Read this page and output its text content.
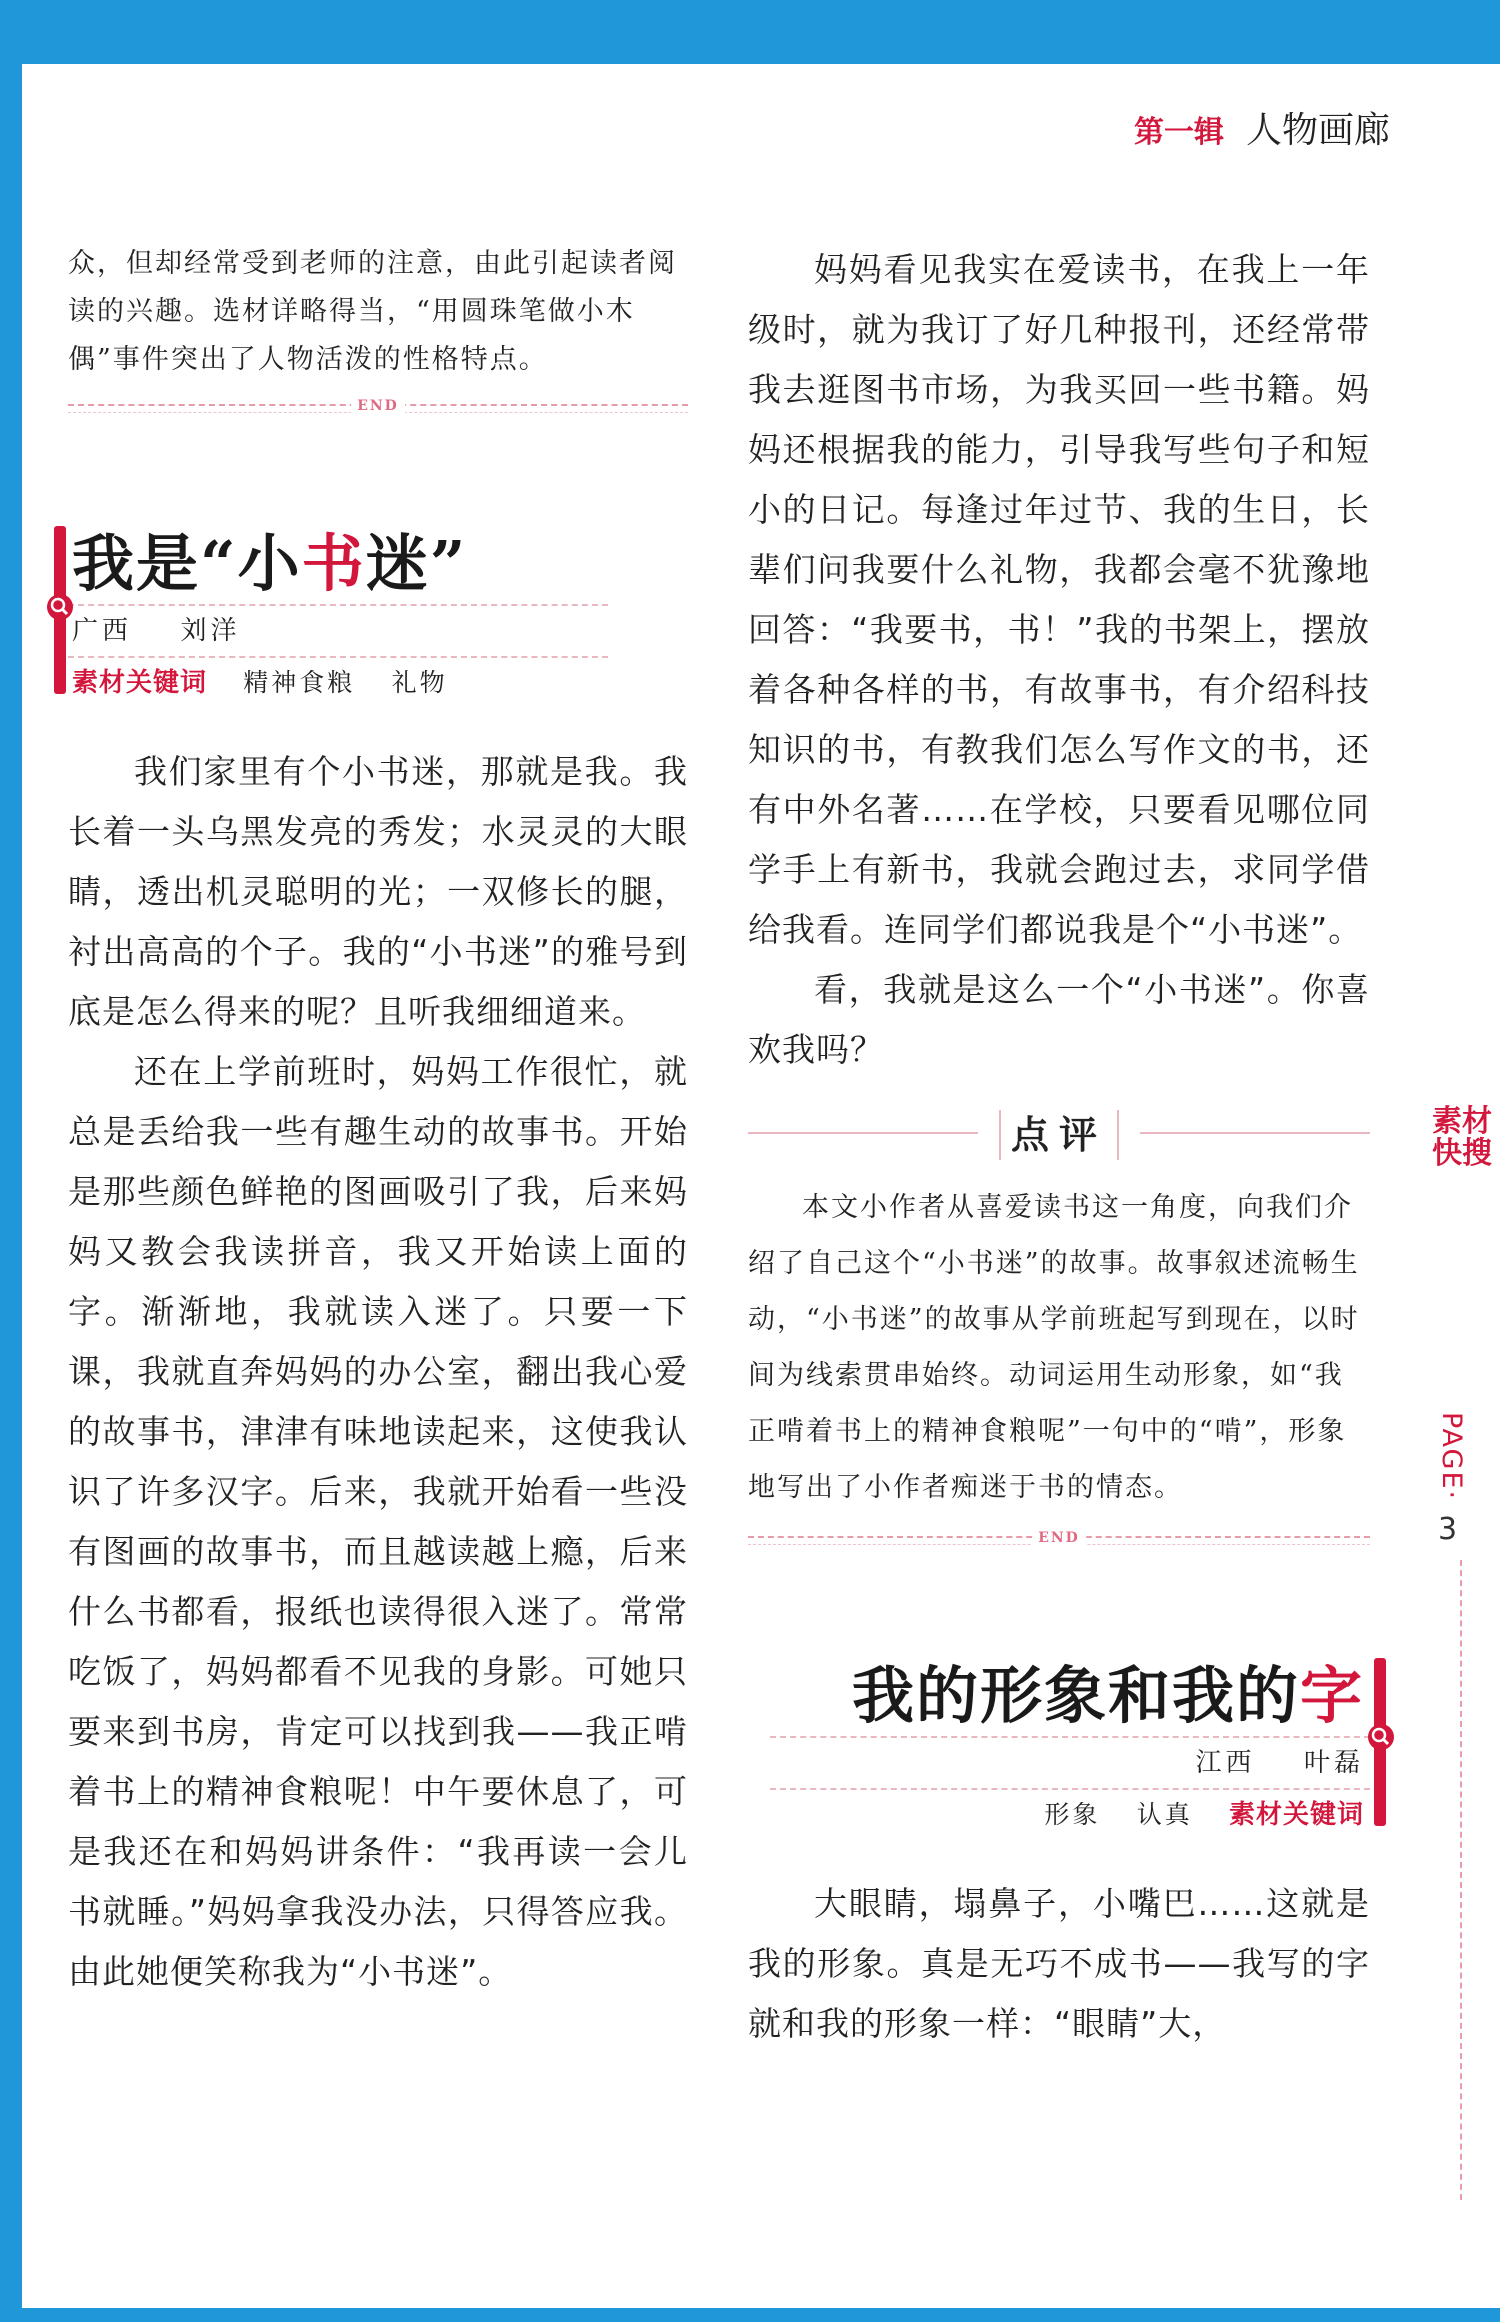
第一辑 人物画廊
众，但却经常受到老师的注意，由此引起读者阅读的兴趣。选材详略得当，“用圆珠笔做小木偶”事件突出了人物活泼的性格特点。
END
我是“小书迷”
广西 刘洋
素材关键词 精神食粮 礼物

我们家里有个小书迷，那就是我。我长着一头乌黑发亮的秀发；水灵灵的大眼睛，透出机灵聪明的光；一双修长的腿，衬出高高的个子。我的“小书迷”的雅号到底是怎么得来的呢？且听我细细道来。

还在上学前班时，妈妈工作很忙，就总是丢给我一些有趣生动的故事书。开始是那些颜色鲜艳的图画吸引了我，后来妈妈又教会我读拼音，我又开始读上面的字。渐渐地，我就读入迷了。只要一下课，我就直奔妈妈的办公室，翻出我心爱的故事书，津津有味地读起来，这使我认识了许多汉字。后来，我就开始看一些没有图画的故事书，而且越读越上瘾，后来什么书都看，报纸也读得很入迷了。常常吃饭了，妈妈都看不见我的身影。可她只要来到书房，肯定可以找到我——我正啃着书上的精神食粮呢！中午要休息了，可是我还在和妈妈讲条件：“我再读一会儿书就睡。”妈妈拿我没办法，只得答应我。由此她便笑称我为“小书迷”。

妈妈看见我实在爱读书，在我上一年级时，就为我订了好几种报刊，还经常带我去逛图书市场，为我买回一些书籍。妈妈还根据我的能力，引导我写些句子和短小的日记。每逢过年过节、我的生日，长辈们问我要什么礼物，我都会毫不犹豫地回答：“我要书，书！”我的书架上，摆放着各种各样的书，有故事书，有介绍科技知识的书，有教我们怎么写作文的书，还有中外名著……在学校，只要看见哪位同学手上有新书，我就会跑过去，求同学借给我看。连同学们都说我是个“小书迷”。

看，我就是这么一个“小书迷”。你喜欢我吗？

点评
本文小作者从喜爱读书这一角度，向我们介绍了自己这个“小书迷”的故事。故事叙述流畅生动，“小书迷”的故事从学前班起写到现在，以时间为线索贯串始终。动词运用生动形象，如“我正啃着书上的精神食粮呢”一句中的“啃”，形象地写出了小作者痴迷于书的情态。
END
我的形象和我的字
江西 叶磊
形象 认真 素材关键词

大眼睛，塌鼻子，小嘴巴……这就是我的形象。真是无巧不成书——我写的字就和我的形象一样：“眼睛”大，

素材
快搜
PAGE·
3
